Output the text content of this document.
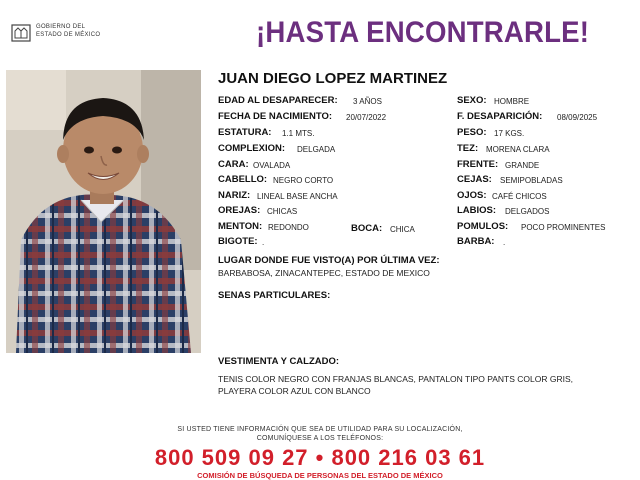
GOBIERNO DEL
ESTADO DE MÉXICO	¡HASTA ENCONTRARLE!
JUAN DIEGO LOPEZ MARTINEZ
EDAD AL DESAPARECER: 3 AÑOS
FECHA DE NACIMIENTO: 20/07/2022
ESTATURA: 1.1 MTS.
COMPLEXION: DELGADA
CARA: OVALADA
CABELLO: NEGRO CORTO
NARIZ: LINEAL BASE ANCHA
OREJAS: CHICAS
MENTON: REDONDO	BOCA: CHICA
BIGOTE: .
SEXO: HOMBRE
F. DESAPARICIÓN: 08/09/2025
PESO: 17 KGS.
TEZ: MORENA CLARA
FRENTE: GRANDE
CEJAS: SEMIPOBLADAS
OJOS: CAFÉ CHICOS
LABIOS: DELGADOS
POMULOS: POCO PROMINENTES
BARBA: .
LUGAR DONDE FUE VISTO(A) POR ÚLTIMA VEZ:
BARBABOSA, ZINACANTEPEC, ESTADO DE MEXICO
SENAS PARTICULARES:
VESTIMENTA Y CALZADO:
TENIS COLOR NEGRO CON FRANJAS BLANCAS, PANTALON TIPO PANTS COLOR GRIS,
PLAYERA COLOR AZUL CON BLANCO
SI USTED TIENE INFORMACIÓN QUE SEA DE UTILIDAD PARA SU LOCALIZACIÓN,
COMUNÍQUESE A LOS TELÉFONOS:
800 509 09 27 • 800 216 03 61
COMISIÓN DE BÚSQUEDA DE PERSONAS DEL ESTADO DE MÉXICO
